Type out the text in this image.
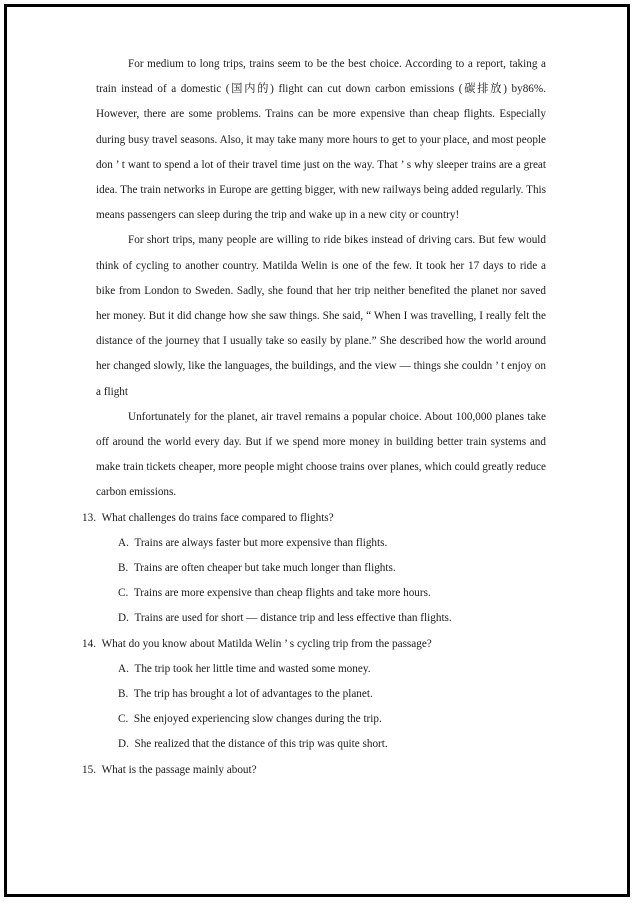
For medium to long trips, trains seem to be the best choice. According to a report, taking a train instead of a domestic (国内的) flight can cut down carbon emissions (碳排放) by86%. However, there are some problems. Trains can be more expensive than cheap flights. Especially during busy travel seasons. Also, it may take many more hours to get to your place, and most people don ’ t want to spend a lot of their travel time just on the way. That ’ s why sleeper trains are a great idea. The train networks in Europe are getting bigger, with new railways being added regularly. This means passengers can sleep during the trip and wake up in a new city or country!

For short trips, many people are willing to ride bikes instead of driving cars. But few would think of cycling to another country. Matilda Welin is one of the few. It took her 17 days to ride a bike from London to Sweden. Sadly, she found that her trip neither benefited the planet nor saved her money. But it did change how she saw things. She said, “ When I was travelling, I really felt the distance of the journey that I usually take so easily by plane.” She described how the world around her changed slowly, like the languages, the buildings, and the view — things she couldn ’ t enjoy on a flight

Unfortunately for the planet, air travel remains a popular choice. About 100,000 planes take off around the world every day. But if we spend more money in building better train systems and make train tickets cheaper, more people might choose trains over planes, which could greatly reduce carbon emissions.

13. What challenges do trains face compared to flights?

A. Trains are always faster but more expensive than flights.

B. Trains are often cheaper but take much longer than flights.

C. Trains are more expensive than cheap flights and take more hours.

D. Trains are used for short — distance trip and less effective than flights.

14. What do you know about Matilda Welin ’ s cycling trip from the passage?

A. The trip took her little time and wasted some money.

B. The trip has brought a lot of advantages to the planet.

C. She enjoyed experiencing slow changes during the trip.

D. She realized that the distance of this trip was quite short.

15. What is the passage mainly about?
